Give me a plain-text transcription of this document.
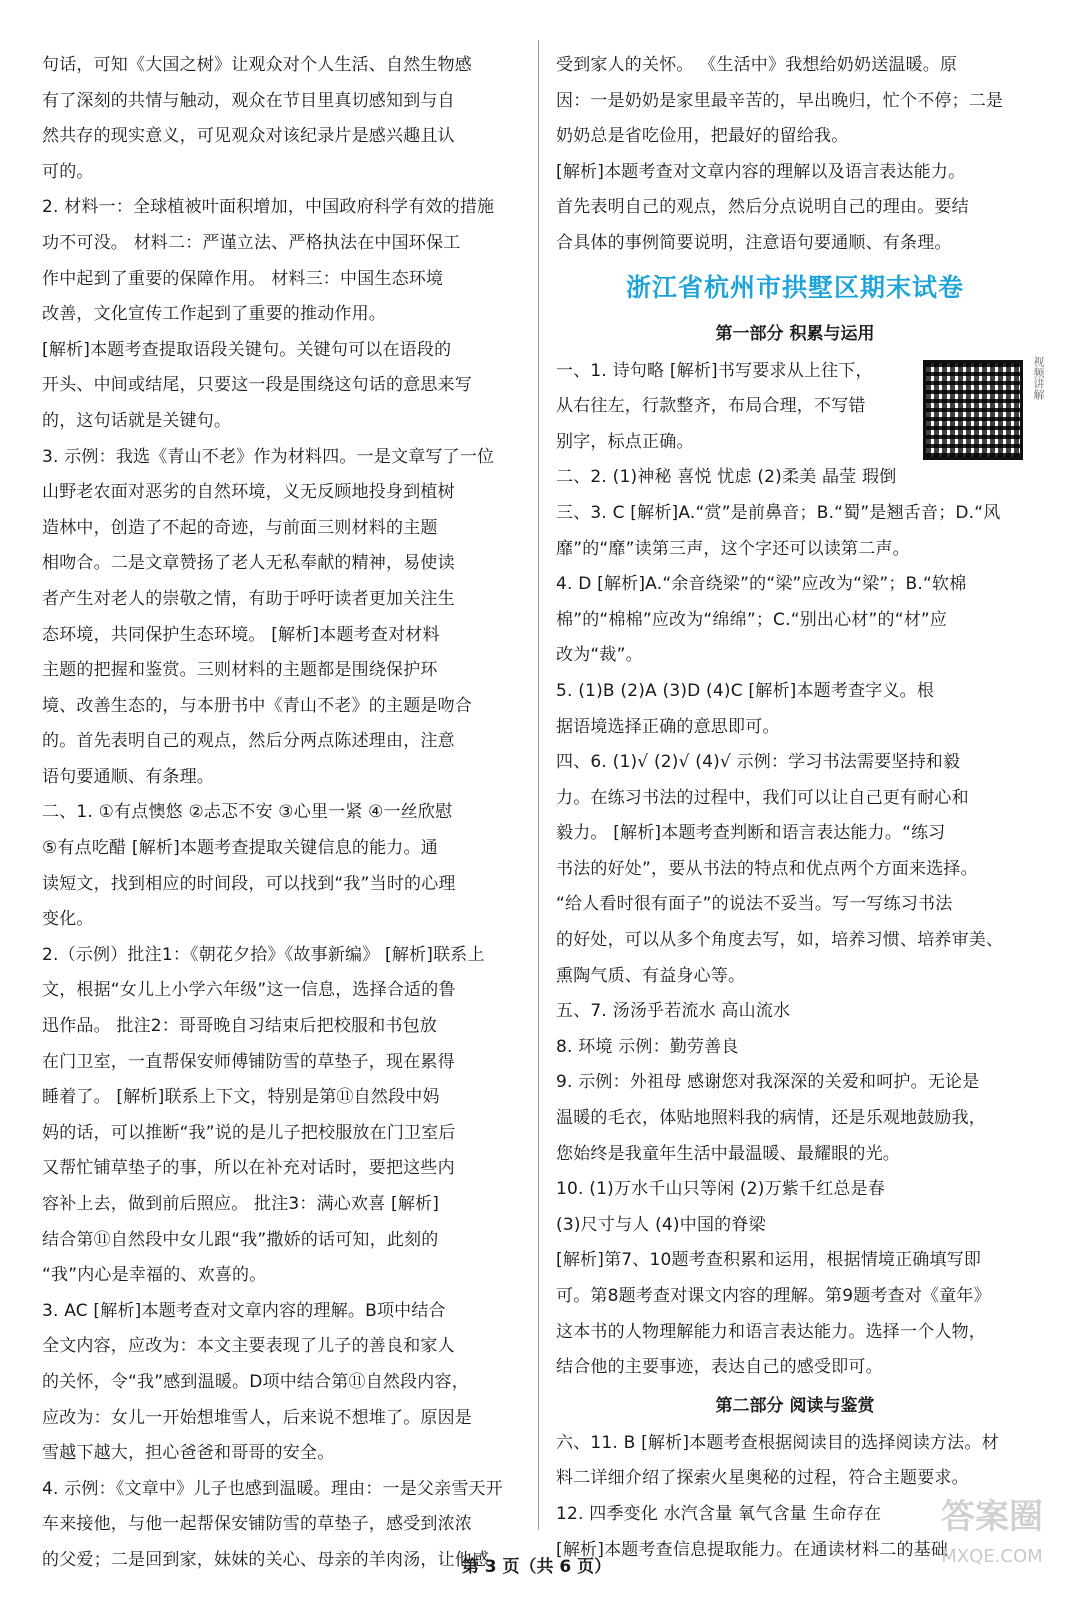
句话，可知《大国之树》让观众对个人生活、自然生物感
有了深刻的共情与触动，观众在节目里真切感知到与自
然共存的现实意义，可见观众对该纪录片是感兴趣且认
可的。
2. 材料一：全球植被叶面积增加，中国政府科学有效的措施
功不可没。 材料二：严谨立法、严格执法在中国环保工
作中起到了重要的保障作用。 材料三：中国生态环境
改善，文化宣传工作起到了重要的推动作用。
[解析]本题考查提取语段关键句。关键句可以在语段的
开头、中间或结尾，只要这一段是围绕这句话的意思来写
的，这句话就是关键句。
3. 示例：我选《青山不老》作为材料四。一是文章写了一位
山野老农面对恶劣的自然环境，义无反顾地投身到植树
造林中，创造了不起的奇迹，与前面三则材料的主题
相吻合。二是文章赞扬了老人无私奉献的精神，易使读
者产生对老人的崇敬之情，有助于呼吁读者更加关注生
态环境，共同保护生态环境。 [解析]本题考查对材料
主题的把握和鉴赏。三则材料的主题都是围绕保护环
境、改善生态的，与本册书中《青山不老》的主题是吻合
的。首先表明自己的观点，然后分两点陈述理由，注意
语句要通顺、有条理。
二、1. ①有点懊悠 ②忐忑不安 ③心里一紧 ④一丝欣慰
⑤有点吃醋 [解析]本题考查提取关键信息的能力。通
读短文，找到相应的时间段，可以找到“我”当时的心理
变化。
2.（示例）批注1：《朝花夕拾》《故事新编》 [解析]联系上
文，根据“女儿上小学六年级”这一信息，选择合适的鲁
迅作品。 批注2：哥哥晚自习结束后把校服和书包放
在门卫室，一直帮保安师傅铺防雪的草垫子，现在累得
睡着了。 [解析]联系上下文，特别是第⑪自然段中妈
妈的话，可以推断“我”说的是儿子把校服放在门卫室后
又帮忙铺草垫子的事，所以在补充对话时，要把这些内
容补上去，做到前后照应。 批注3：满心欢喜 [解析]
结合第⑪自然段中女儿跟“我”撒娇的话可知，此刻的
“我”内心是幸福的、欢喜的。
3. AC [解析]本题考查对文章内容的理解。B项中结合
全文内容，应改为：本文主要表现了儿子的善良和家人
的关怀，令“我”感到温暖。D项中结合第⑪自然段内容，
应改为：女儿一开始想堆雪人，后来说不想堆了。原因是
雪越下越大，担心爸爸和哥哥的安全。
4. 示例：《文章中》儿子也感到温暖。理由：一是父亲雪天开
车来接他，与他一起帮保安铺防雪的草垫子，感受到浓浓
的父爱；二是回到家，妹妹的关心、母亲的羊肉汤，让他感
受到家人的关怀。 《生活中》我想给奶奶送温暖。原
因：一是奶奶是家里最辛苦的，早出晚归，忙个不停；二是
奶奶总是省吃俭用，把最好的留给我。
[解析]本题考查对文章内容的理解以及语言表达能力。
首先表明自己的观点，然后分点说明自己的理由。要结
合具体的事例简要说明，注意语句要通顺、有条理。
浙江省杭州市拱墅区期末试卷
第一部分 积累与运用
一、1. 诗句略 [解析]书写要求从上往下，
从右往左，行款整齐，布局合理，不写错
别字，标点正确。
二、2. (1)神秘 喜悦 忧虑 (2)柔美 晶莹 瑕倒
三、3. C [解析]A.“赏”是前鼻音；B.“蜀”是翘舌音；D.“风
靡”的“靡”读第三声，这个字还可以读第二声。
4. D [解析]A.“余音绕梁”的“梁”应改为“梁”；B.“软棉
棉”的“棉棉”应改为“绵绵”；C.“别出心材”的“材”应
改为“裁”。
5. (1)B (2)A (3)D (4)C [解析]本题考查字义。根
据语境选择正确的意思即可。
四、6. (1)√ (2)√ (4)√ 示例：学习书法需要坚持和毅
力。在练习书法的过程中，我们可以让自己更有耐心和
毅力。 [解析]本题考查判断和语言表达能力。“练习
书法的好处”，要从书法的特点和优点两个方面来选择。
“给人看时很有面子”的说法不妥当。写一写练习书法
的好处，可以从多个角度去写，如，培养习惯、培养审美、
熏陶气质、有益身心等。
五、7. 汤汤乎若流水 高山流水
8. 环境 示例：勤劳善良
9. 示例：外祖母 感谢您对我深深的关爱和呵护。无论是
温暖的毛衣，体贴地照料我的病情，还是乐观地鼓励我，
您始终是我童年生活中最温暖、最耀眼的光。
10. (1)万水千山只等闲 (2)万紫千红总是春
(3)尺寸与人 (4)中国的脊梁
[解析]第7、10题考查积累和运用，根据情境正确填写即
可。第8题考查对课文内容的理解。第9题考查对《童年》
这本书的人物理解能力和语言表达能力。选择一个人物，
结合他的主要事迹，表达自己的感受即可。
第二部分 阅读与鉴赏
六、11. B [解析]本题考查根据阅读目的选择阅读方法。材
料二详细介绍了探索火星奥秘的过程，符合主题要求。
12. 四季变化 水汽含量 氧气含量 生命存在
[解析]本题考查信息提取能力。在通读材料二的基础
视频讲解
第 3 页（共 6 页）
答案圈
MXQE.COM
